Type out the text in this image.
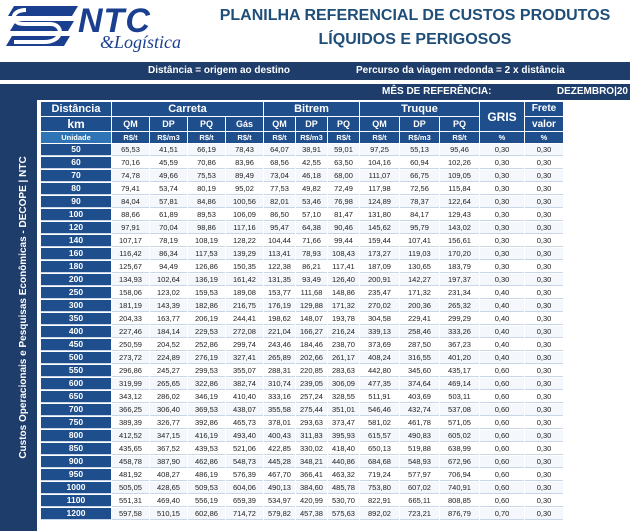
NTC
&Logística
PLANILHA REFERENCIAL DE CUSTOS PRODUTOS
LÍQUIDOS E PERIGOSOS
Distância = origem ao destino	Percurso da viagem redonda = 2 x distância
Custos Operacionais e Pesquisas Econômicas - DECOPE | NTC
MÊS DE REFERÊNCIA:	DEZEMBRO|20
Distância	Carreta				Bitrem			Truque			GRIS	Frete
km	QM	DP	PQ	Gás	QM	DP	PQ	QM	DP	PQ		valor
Unidade	R$/t	R$/m3	R$/t	R$/t	R$/t	R$/m3	R$/t	R$/t	R$/m3	R$/t	%	%
50	65,53	41,51	66,19	78,43	64,07	38,91	59,01	97,25	55,13	95,46	0,30	0,30
60	70,16	45,59	70,86	83,96	68,56	42,55	63,50	104,16	60,94	102,26	0,30	0,30
70	74,78	49,66	75,53	89,49	73,04	46,18	68,00	111,07	66,75	109,05	0,30	0,30
80	79,41	53,74	80,19	95,02	77,53	49,82	72,49	117,98	72,56	115,84	0,30	0,30
90	84,04	57,81	84,86	100,56	82,01	53,46	76,98	124,89	78,37	122,64	0,30	0,30
100	88,66	61,89	89,53	106,09	86,50	57,10	81,47	131,80	84,17	129,43	0,30	0,30
120	97,91	70,04	98,86	117,16	95,47	64,38	90,46	145,62	95,79	143,02	0,30	0,30
140	107,17	78,19	108,19	128,22	104,44	71,66	99,44	159,44	107,41	156,61	0,30	0,30
160	116,42	86,34	117,53	139,29	113,41	78,93	108,43	173,27	119,03	170,20	0,30	0,30
180	125,67	94,49	126,86	150,35	122,38	86,21	117,41	187,09	130,65	183,79	0,30	0,30
200	134,93	102,64	136,19	161,42	131,35	93,49	126,40	200,91	142,27	197,37	0,30	0,30
250	158,06	123,02	159,53	189,08	153,77	111,68	148,86	235,47	171,32	231,34	0,40	0,30
300	181,19	143,39	182,86	216,75	176,19	129,88	171,32	270,02	200,36	265,32	0,40	0,30
350	204,33	163,77	206,19	244,41	198,62	148,07	193,78	304,58	229,41	299,29	0,40	0,30
400	227,46	184,14	229,53	272,08	221,04	166,27	216,24	339,13	258,46	333,26	0,40	0,30
450	250,59	204,52	252,86	299,74	243,46	184,46	238,70	373,69	287,50	367,23	0,40	0,30
500	273,72	224,89	276,19	327,41	265,89	202,66	261,17	408,24	316,55	401,20	0,40	0,30
550	296,86	245,27	299,53	355,07	288,31	220,85	283,63	442,80	345,60	435,17	0,60	0,30
600	319,99	265,65	322,86	382,74	310,74	239,05	306,09	477,35	374,64	469,14	0,60	0,30
650	343,12	286,02	346,19	410,40	333,16	257,24	328,55	511,91	403,69	503,11	0,60	0,30
700	366,25	306,40	369,53	438,07	355,58	275,44	351,01	546,46	432,74	537,08	0,60	0,30
750	389,39	326,77	392,86	465,73	378,01	293,63	373,47	581,02	461,78	571,05	0,60	0,30
800	412,52	347,15	416,19	493,40	400,43	311,83	395,93	615,57	490,83	605,02	0,60	0,30
850	435,65	367,52	439,53	521,06	422,85	330,02	418,40	650,13	519,88	638,99	0,60	0,30
900	458,78	387,90	462,86	548,73	445,28	348,21	440,86	684,68	548,93	672,96	0,60	0,30
950	481,92	408,27	486,19	576,39	467,70	366,41	463,32	719,24	577,97	706,94	0,60	0,30
1000	505,05	428,65	509,53	604,06	490,13	384,60	485,78	753,80	607,02	740,91	0,60	0,30
1100	551,31	469,40	556,19	659,39	534,97	420,99	530,70	822,91	665,11	808,85	0,60	0,30
1200	597,58	510,15	602,86	714,72	579,82	457,38	575,63	892,02	723,21	876,79	0,70	0,30
